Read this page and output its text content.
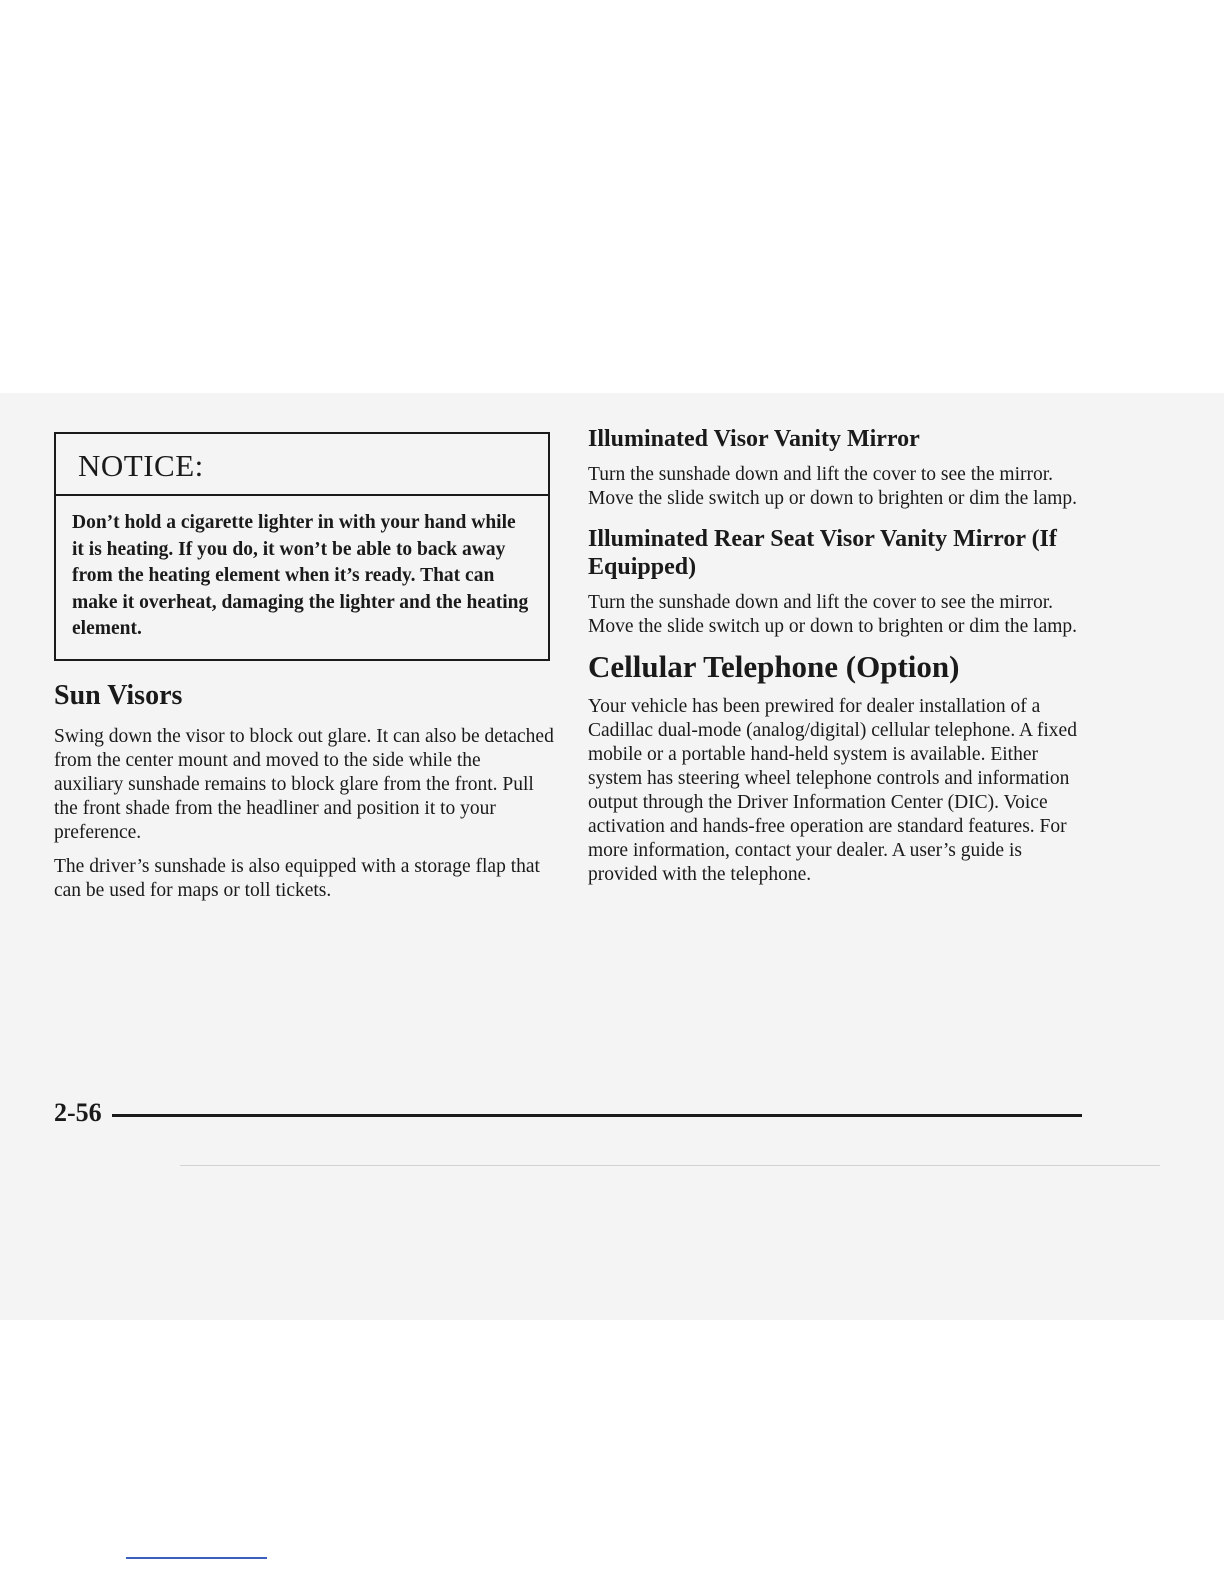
NOTICE:
Don’t hold a cigarette lighter in with your hand while it is heating. If you do, it won’t be able to back away from the heating element when it’s ready. That can make it overheat, damaging the lighter and the heating element.
Sun Visors

Swing down the visor to block out glare. It can also be detached from the center mount and moved to the side while the auxiliary sunshade remains to block glare from the front. Pull the front shade from the headliner and position it to your preference.

The driver’s sunshade is also equipped with a storage flap that can be used for maps or toll tickets.

Illuminated Visor Vanity Mirror

Turn the sunshade down and lift the cover to see the mirror. Move the slide switch up or down to brighten or dim the lamp.

Illuminated Rear Seat Visor Vanity Mirror (If Equipped)

Turn the sunshade down and lift the cover to see the mirror. Move the slide switch up or down to brighten or dim the lamp.

Cellular Telephone (Option)

Your vehicle has been prewired for dealer installation of a Cadillac dual-mode (analog/digital) cellular telephone. A fixed mobile or a portable hand-held system is available. Either system has steering wheel telephone controls and information output through the Driver Information Center (DIC). Voice activation and hands-free operation are standard features. For more information, contact your dealer. A user’s guide is provided with the telephone.

2-56
